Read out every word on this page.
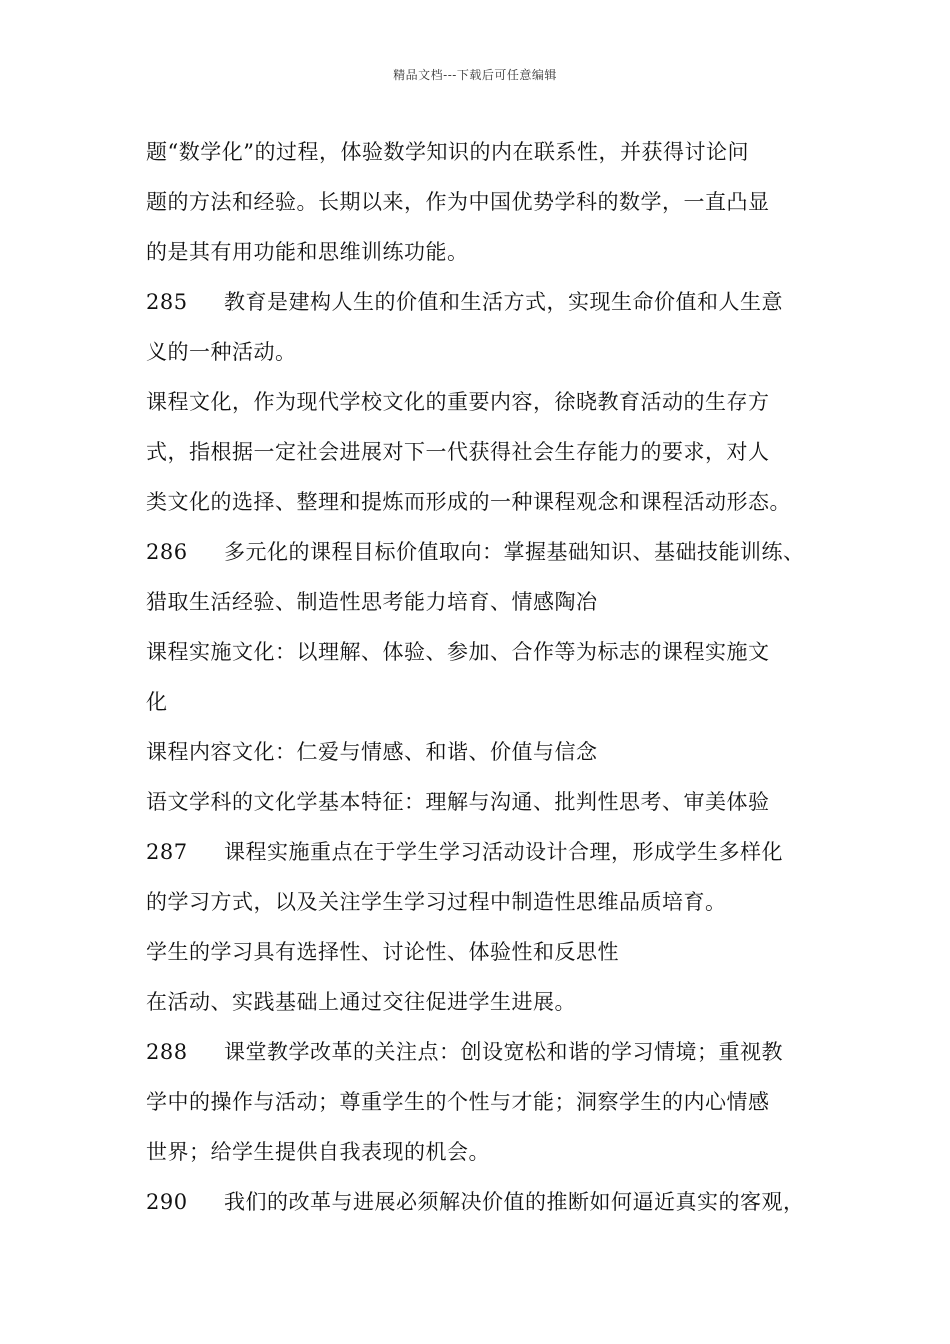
精品文档---下载后可任意编辑
题“数学化”的过程，体验数学知识的内在联系性，并获得讨论问
题的方法和经验。长期以来，作为中国优势学科的数学，一直凸显
的是其有用功能和思维训练功能。
285 教育是建构人生的价值和生活方式，实现生命价值和人生意
义的一种活动。
课程文化，作为现代学校文化的重要内容，徐晓教育活动的生存方
式，指根据一定社会进展对下一代获得社会生存能力的要求，对人
类文化的选择、整理和提炼而形成的一种课程观念和课程活动形态。
286 多元化的课程目标价值取向：掌握基础知识、基础技能训练、
猎取生活经验、制造性思考能力培育、情感陶冶
课程实施文化：以理解、体验、参加、合作等为标志的课程实施文
化
课程内容文化：仁爱与情感、和谐、价值与信念
语文学科的文化学基本特征：理解与沟通、批判性思考、审美体验
287 课程实施重点在于学生学习活动设计合理，形成学生多样化
的学习方式，以及关注学生学习过程中制造性思维品质培育。
学生的学习具有选择性、讨论性、体验性和反思性
在活动、实践基础上通过交往促进学生进展。
288 课堂教学改革的关注点：创设宽松和谐的学习情境；重视教
学中的操作与活动；尊重学生的个性与才能；洞察学生的内心情感
世界；给学生提供自我表现的机会。
290 我们的改革与进展必须解决价值的推断如何逼近真实的客观，
